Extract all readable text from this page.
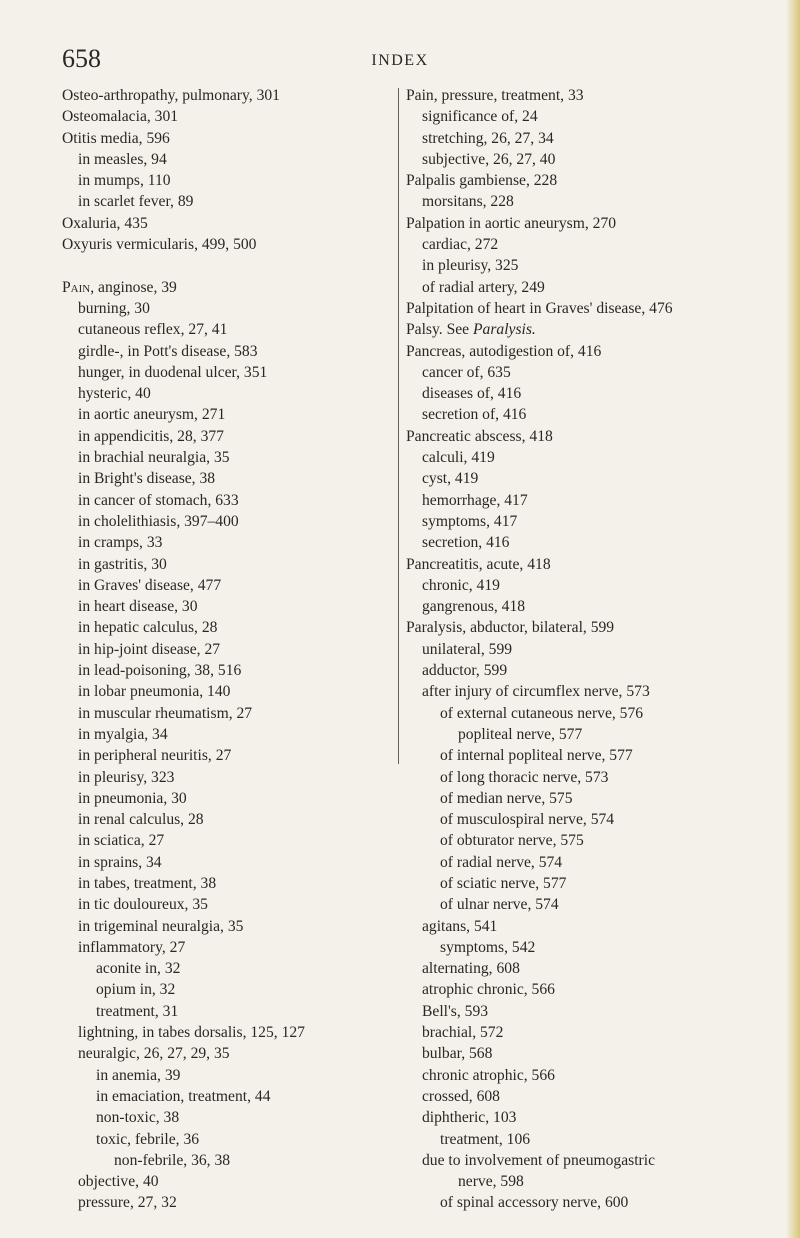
658	INDEX
Osteo-arthropathy, pulmonary, 301
Osteomalacia, 301
Otitis media, 596
in measles, 94
in mumps, 110
in scarlet fever, 89
Oxaluria, 435
Oxyuris vermicularis, 499, 500
Pain, anginose, 39
burning, 30
cutaneous reflex, 27, 41
girdle-, in Pott's disease, 583
hunger, in duodenal ulcer, 351
hysteric, 40
in aortic aneurysm, 271
in appendicitis, 28, 377
in brachial neuralgia, 35
in Bright's disease, 38
in cancer of stomach, 633
in cholelithiasis, 397–400
in cramps, 33
in gastritis, 30
in Graves' disease, 477
in heart disease, 30
in hepatic calculus, 28
in hip-joint disease, 27
in lead-poisoning, 38, 516
in lobar pneumonia, 140
in muscular rheumatism, 27
in myalgia, 34
in peripheral neuritis, 27
in pleurisy, 323
in pneumonia, 30
in renal calculus, 28
in sciatica, 27
in sprains, 34
in tabes, treatment, 38
in tic douloureux, 35
in trigeminal neuralgia, 35
inflammatory, 27
aconite in, 32
opium in, 32
treatment, 31
lightning, in tabes dorsalis, 125, 127
neuralgic, 26, 27, 29, 35
in anemia, 39
in emaciation, treatment, 44
non-toxic, 38
toxic, febrile, 36
non-febrile, 36, 38
objective, 40
pressure, 27, 32
Pain, pressure, treatment, 33
significance of, 24
stretching, 26, 27, 34
subjective, 26, 27, 40
Palpalis gambiense, 228
morsitans, 228
Palpation in aortic aneurysm, 270
cardiac, 272
in pleurisy, 325
of radial artery, 249
Palpitation of heart in Graves' disease, 476
Palsy. See Paralysis.
Pancreas, autodigestion of, 416
cancer of, 635
diseases of, 416
secretion of, 416
Pancreatic abscess, 418
calculi, 419
cyst, 419
hemorrhage, 417
symptoms, 417
secretion, 416
Pancreatitis, acute, 418
chronic, 419
gangrenous, 418
Paralysis, abductor, bilateral, 599
unilateral, 599
adductor, 599
after injury of circumflex nerve, 573
of external cutaneous nerve, 576
popliteal nerve, 577
of internal popliteal nerve, 577
of long thoracic nerve, 573
of median nerve, 575
of musculospiral nerve, 574
of obturator nerve, 575
of radial nerve, 574
of sciatic nerve, 577
of ulnar nerve, 574
agitans, 541
symptoms, 542
alternating, 608
atrophic chronic, 566
Bell's, 593
brachial, 572
bulbar, 568
chronic atrophic, 566
crossed, 608
diphtheric, 103
treatment, 106
due to involvement of pneumogastric
nerve, 598
of spinal accessory nerve, 600
